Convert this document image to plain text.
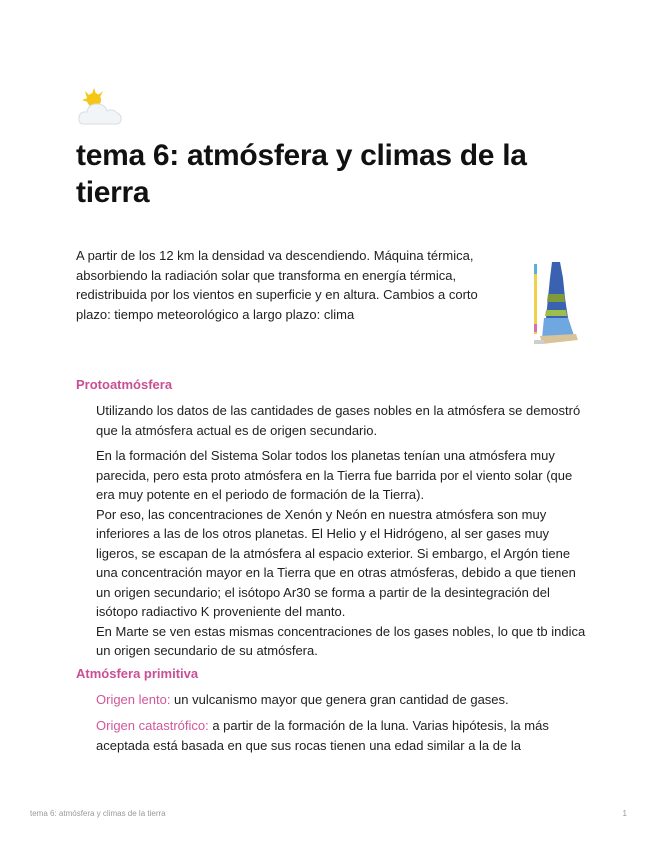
tema 6: atmósfera y climas de la tierra
A partir de los 12 km la densidad va descendiendo. Máquina térmica, absorbiendo la radiación solar que transforma en energía térmica, redistribuida por los vientos en superficie y en altura. Cambios a corto plazo: tiempo meteorológico a largo plazo: clima
Protoatmósfera

Utilizando los datos de las cantidades de gases nobles en la atmósfera se demostró que la atmósfera actual es de origen secundario.

En la formación del Sistema Solar todos los planetas tenían una atmósfera muy parecida, pero esta proto atmósfera en la Tierra fue barrida por el viento solar (que era muy potente en el periodo de formación de la Tierra).

Por eso, las concentraciones de Xenón y Neón en nuestra atmósfera son muy inferiores a las de los otros planetas. El Helio y el Hidrógeno, al ser gases muy ligeros, se escapan de la atmósfera al espacio exterior. Si embargo, el Argón tiene una concentración mayor en la Tierra que en otras atmósferas, debido a que tienen un origen secundario; el isótopo Ar30 se forma a partir de la desintegración del isótopo radiactivo K proveniente del manto.

En Marte se ven estas mismas concentraciones de los gases nobles, lo que tb indica un origen secundario de su atmósfera.

Atmósfera primitiva

Origen lento: un vulcanismo mayor que genera gran cantidad de gases.

Origen catastrófico: a partir de la formación de la luna. Varias hipótesis, la más aceptada está basada en que sus rocas tienen una edad similar a la de la

tema 6: atmósfera y climas de la tierra	1
